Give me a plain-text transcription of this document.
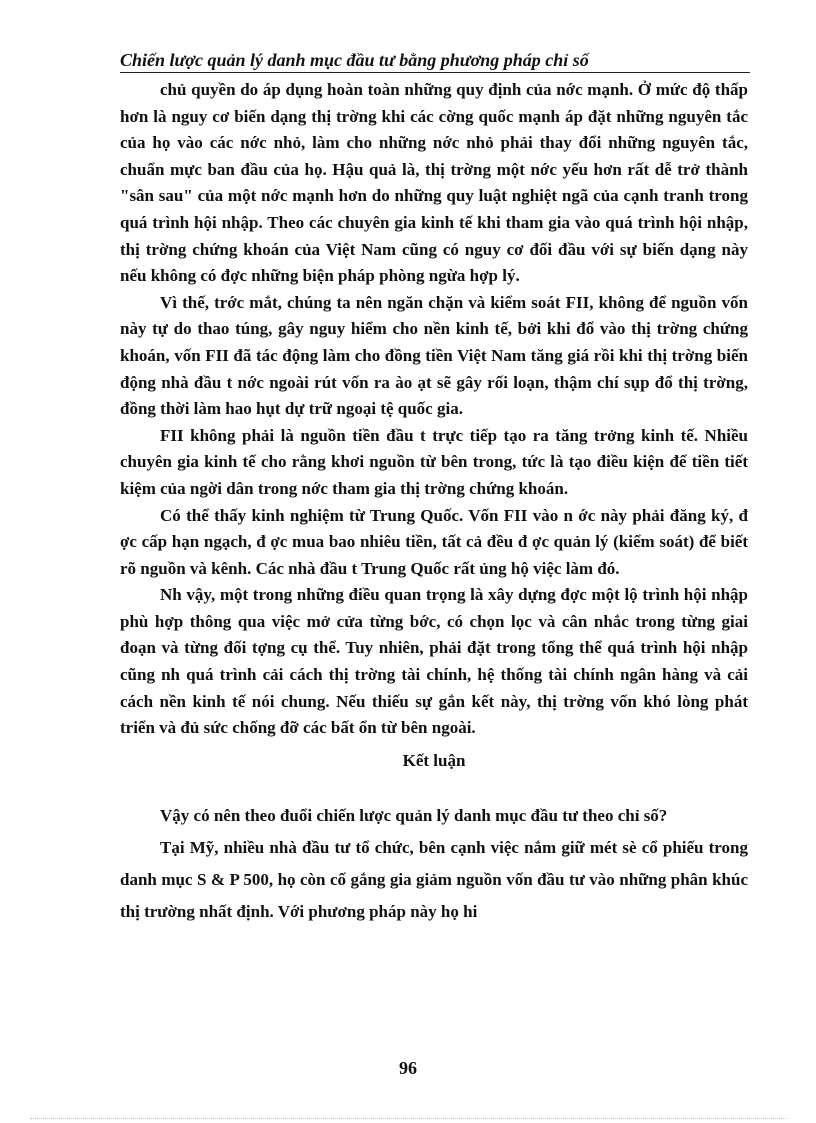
Chiến lược quản lý danh mục đầu tư bằng phương pháp chỉ số

chủ quyền do áp dụng hoàn toàn những quy định của nớc mạnh. Ở mức độ thấp hơn là nguy cơ biến dạng thị trờng khi các cờng quốc mạnh áp đặt những nguyên tắc của họ vào các nớc nhỏ, làm cho những nớc nhỏ phải thay đổi những nguyên tắc, chuẩn mực ban đầu của họ. Hậu quả là, thị trờng một nớc yếu hơn rất dễ trở thành "sân sau" của một nớc mạnh hơn do những quy luật nghiệt ngã của cạnh tranh trong quá trình hội nhập. Theo các chuyên gia kinh tế khi tham gia vào quá trình hội nhập, thị trờng chứng khoán của Việt Nam cũng có nguy cơ đối đầu với sự biến dạng này nếu không có đợc những biện pháp phòng ngừa hợp lý.

Vì thế, trớc mắt, chúng ta nên ngăn chặn và kiểm soát FII, không để nguồn vốn này tự do thao túng, gây nguy hiểm cho nền kinh tế, bởi khi đổ vào thị trờng chứng khoán, vốn FII đã tác động làm cho đồng tiền Việt Nam tăng giá rồi khi thị trờng biến động nhà đầu t nớc ngoài rút vốn ra ào ạt sẽ gây rối loạn, thậm chí sụp đổ thị trờng, đồng thời làm hao hụt dự trữ ngoại tệ quốc gia.

FII không phải là nguồn tiền đầu t trực tiếp tạo ra tăng trởng kinh tế. Nhiều chuyên gia kinh tế cho rằng khơi nguồn từ bên trong, tức là tạo điều kiện để tiền tiết kiệm của ngời dân trong nớc tham gia thị trờng chứng khoán.

Có thể thấy kinh nghiệm từ Trung Quốc. Vốn FII vào n ớc này phải đăng ký, đ ợc cấp hạn ngạch, đ ợc mua bao nhiêu tiền, tất cả đều đ ợc quản lý (kiểm soát) để biết rõ nguồn và kênh. Các nhà đầu t Trung Quốc rất ủng hộ việc làm đó.

Nh vậy, một trong những điều quan trọng là xây dựng đợc một lộ trình hội nhập phù hợp thông qua việc mở cửa từng bớc, có chọn lọc và cân nhắc trong từng giai đoạn và từng đối tợng cụ thể. Tuy nhiên, phải đặt trong tổng thể quá trình hội nhập cũng nh quá trình cải cách thị trờng tài chính, hệ thống tài chính ngân hàng và cải cách nền kinh tế nói chung. Nếu thiếu sự gắn kết này, thị trờng vốn khó lòng phát triển và đủ sức chống đỡ các bất ổn từ bên ngoài.

Kết luận

Vậy có nên theo đuổi chiến lược quản lý danh mục đầu tư theo chỉ số?

Tại Mỹ, nhiều nhà đầu tư tổ chức, bên cạnh việc nắm giữ mét sè cổ phiếu trong danh mục S & P 500, họ còn cố gắng gia giảm nguồn vốn đầu tư vào những phân khúc thị trường nhất định. Với phương pháp này họ hi

96
